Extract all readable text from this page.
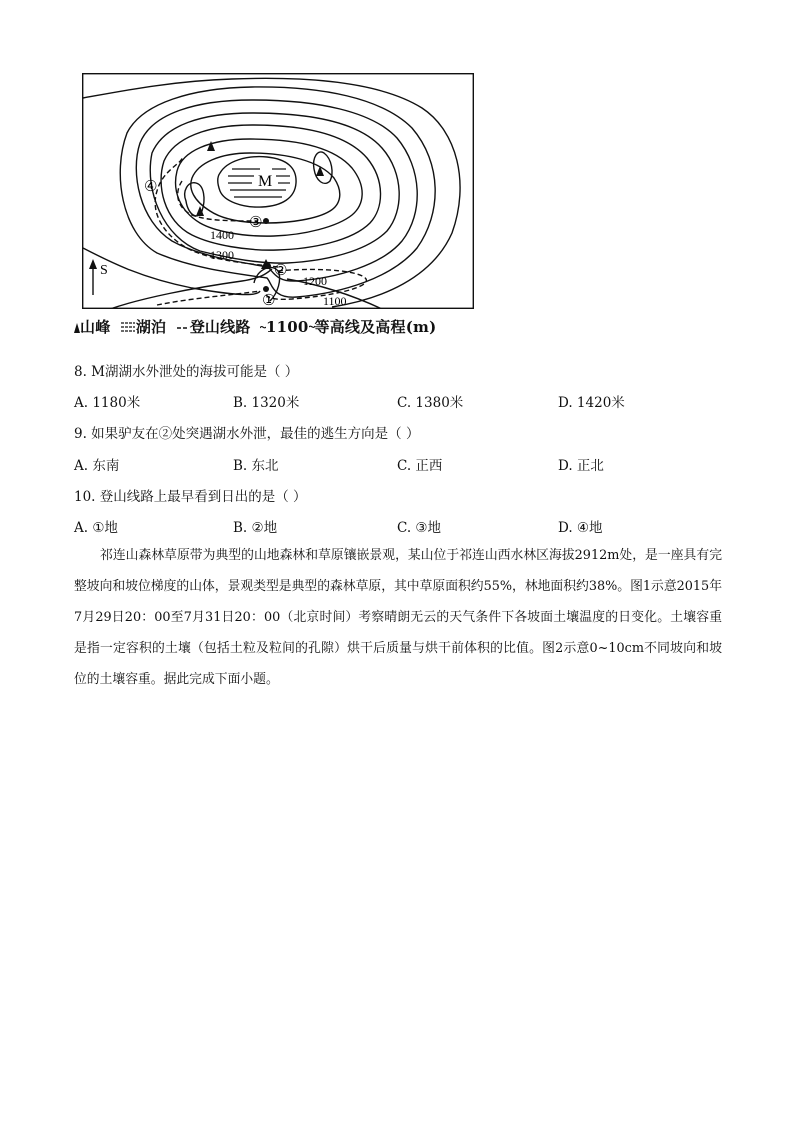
M
①
②
③
④
1400
1300
1200
1100
S
山峰 湖泊 登山线路 1100 等高线及高程(m)
8. M湖湖水外泄处的海拔可能是（ ）
A. 1180米	B. 1320米	C. 1380米	D. 1420米
9. 如果驴友在②处突遇湖水外泄，最佳的逃生方向是（ ）
A. 东南	B. 东北	C. 正西	D. 正北
10. 登山线路上最早看到日出的是（ ）
A. ①地	B. ②地	C. ③地	D. ④地
祁连山森林草原带为典型的山地森林和草原镶嵌景观，某山位于祁连山西水林区海拔2912m处，是一座具有完整坡向和坡位梯度的山体，景观类型是典型的森林草原，其中草原面积约55%，林地面积约38%。图1示意2015年7月29日20：00至7月31日20：00（北京时间）考察晴朗无云的天气条件下各坡面土壤温度的日变化。土壤容重是指一定容积的土壤（包括土粒及粒间的孔隙）烘干后质量与烘干前体积的比值。图2示意0~10cm不同坡向和坡位的土壤容重。据此完成下面小题。
